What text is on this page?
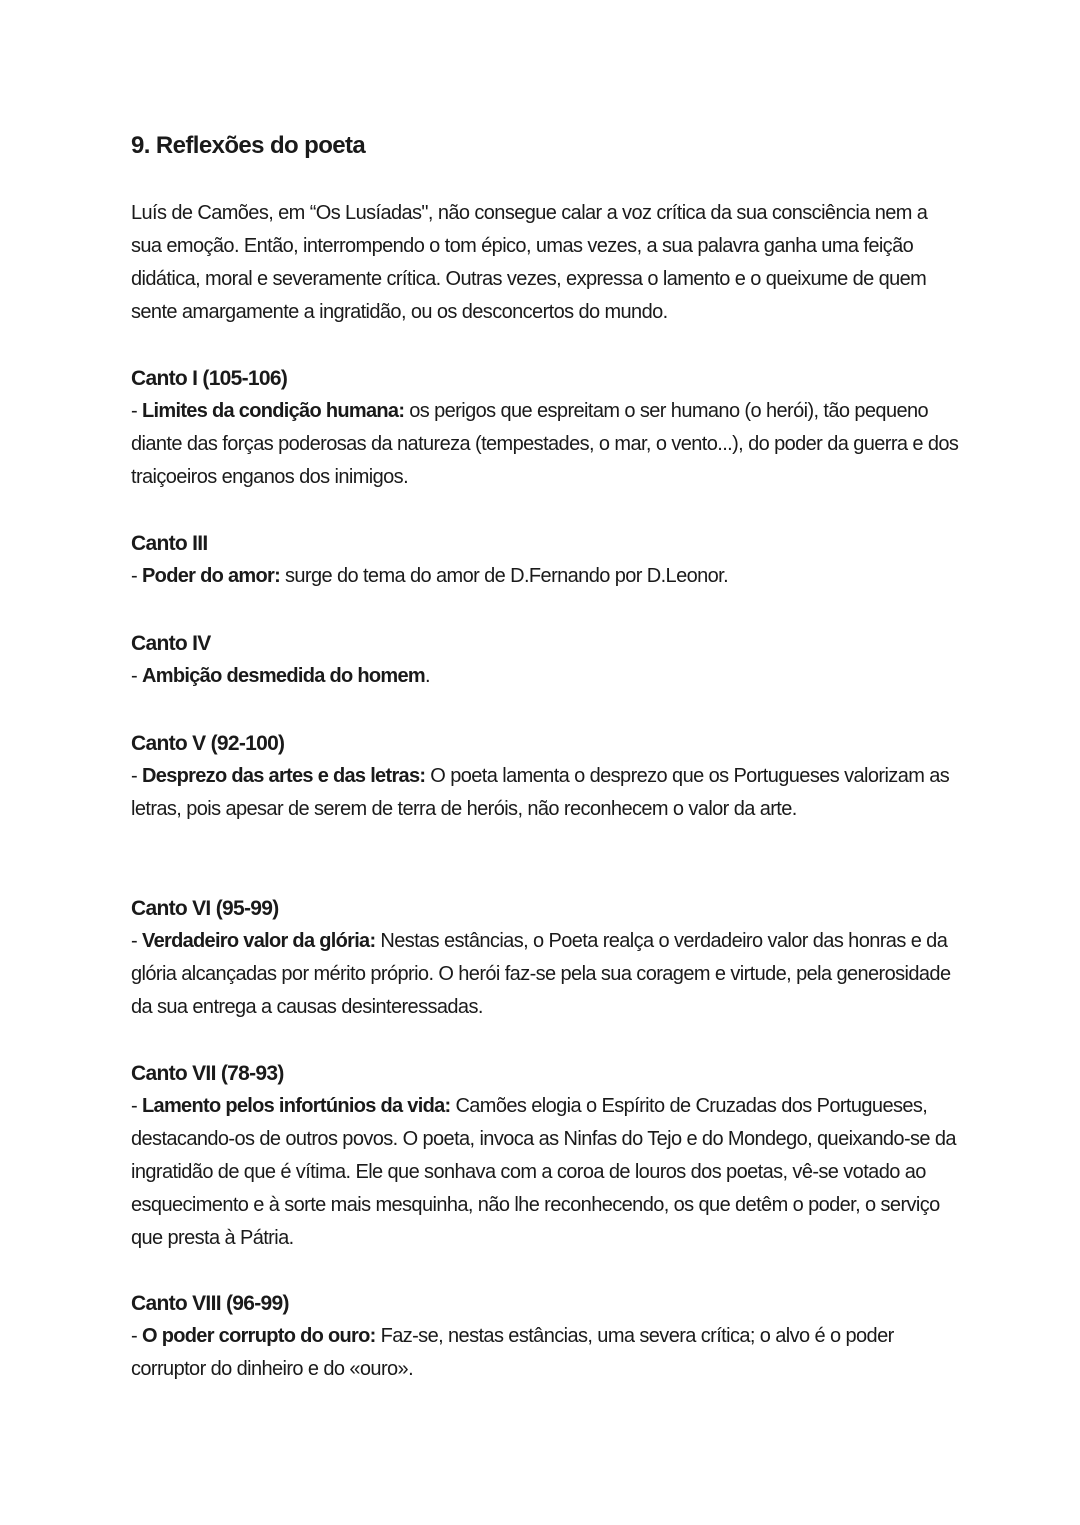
9. Reflexões do poeta

Luís de Camões, em “Os Lusíadas", não consegue calar a voz crítica da sua consciência nem a sua emoção. Então, interrompendo o tom épico, umas vezes, a sua palavra ganha uma feição didática, moral e severamente crítica. Outras vezes, expressa o lamento e o queixume de quem sente amargamente a ingratidão, ou os desconcertos do mundo.

Canto I (105-106)

- Limites da condição humana: os perigos que espreitam o ser humano (o herói), tão pequeno diante das forças poderosas da natureza (tempestades, o mar, o vento...), do poder da guerra e dos traiçoeiros enganos dos inimigos.

Canto III

- Poder do amor: surge do tema do amor de D.Fernando por D.Leonor.

Canto IV

- Ambição desmedida do homem.

Canto V (92-100)

- Desprezo das artes e das letras: O poeta lamenta o desprezo que os Portugueses valorizam as letras, pois apesar de serem de terra de heróis, não reconhecem o valor da arte.

Canto VI (95-99)

- Verdadeiro valor da glória: Nestas estâncias, o Poeta realça o verdadeiro valor das honras e da glória alcançadas por mérito próprio. O herói faz-se pela sua coragem e virtude, pela generosidade da sua entrega a causas desinteressadas.

Canto VII (78-93)

- Lamento pelos infortúnios da vida: Camões elogia o Espírito de Cruzadas dos Portugueses, destacando-os de outros povos. O poeta, invoca as Ninfas do Tejo e do Mondego, queixando-se da ingratidão de que é vítima. Ele que sonhava com a coroa de louros dos poetas, vê-se votado ao esquecimento e à sorte mais mesquinha, não lhe reconhecendo, os que detêm o poder, o serviço que presta à Pátria.

Canto VIII (96-99)

- O poder corrupto do ouro: Faz-se, nestas estâncias, uma severa crítica; o alvo é o poder corruptor do dinheiro e do «ouro».
